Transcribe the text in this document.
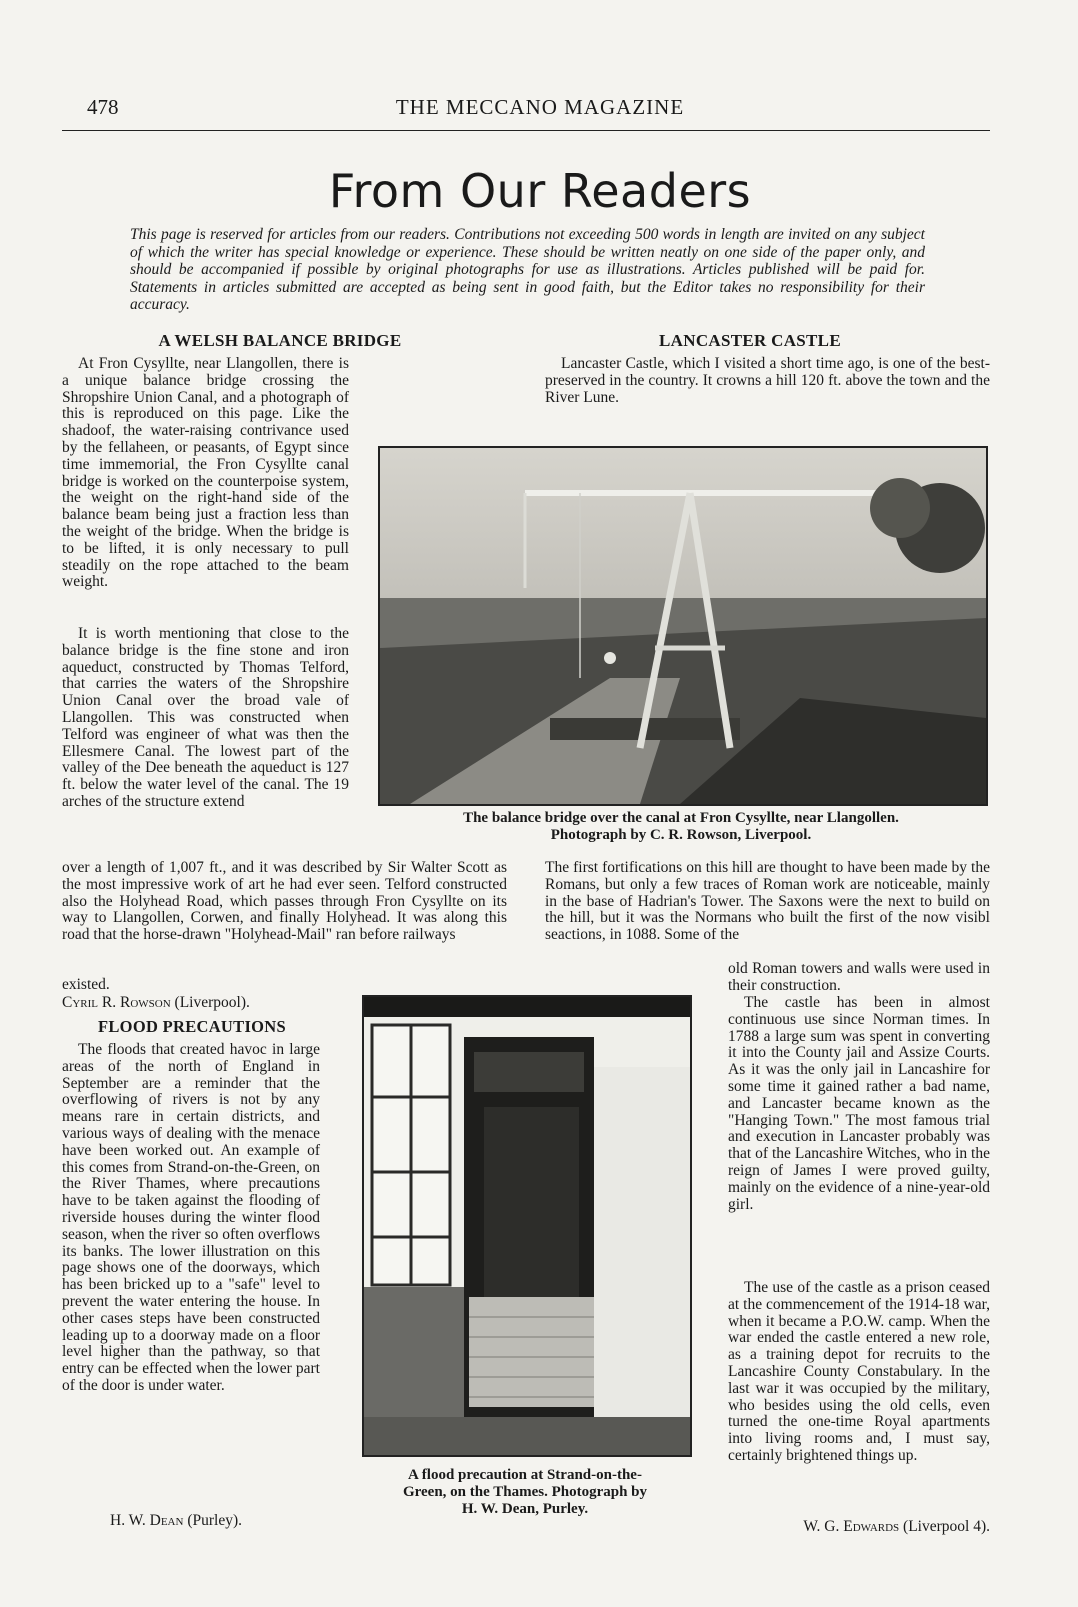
478	THE MECCANO MAGAZINE
From Our Readers
This page is reserved for articles from our readers. Contributions not exceeding 500 words in length are invited on any subject of which the writer has special knowledge or experience. These should be written neatly on one side of the paper only, and should be accompanied if possible by original photographs for use as illustrations. Articles published will be paid for. Statements in articles submitted are accepted as being sent in good faith, but the Editor takes no responsibility for their accuracy.
A WELSH BALANCE BRIDGE

At Fron Cysyllte, near Llangollen, there is a unique balance bridge crossing the Shropshire Union Canal, and a photograph of this is reproduced on this page. Like the shadoof, the water-raising contrivance used by the fellaheen, or peasants, of Egypt since time immemorial, the Fron Cysyllte canal bridge is worked on the counterpoise system, the weight on the right-hand side of the balance beam being just a fraction less than the weight of the bridge. When the bridge is to be lifted, it is only necessary to pull steadily on the rope attached to the beam weight.

LANCASTER CASTLE

Lancaster Castle, which I visited a short time ago, is one of the best-preserved in the country. It crowns a hill 120 ft. above the town and the River Lune.

The balance bridge over the canal at Fron Cysyllte, near Llangollen.
Photograph by C. R. Rowson, Liverpool.

It is worth mentioning that close to the balance bridge is the fine stone and iron aqueduct, constructed by Thomas Telford, that carries the waters of the Shropshire Union Canal over the broad vale of Llangollen. This was constructed when Telford was engineer of what was then the Ellesmere Canal. The lowest part of the valley of the Dee beneath the aqueduct is 127 ft. below the water level of the canal. The 19 arches of the structure extend

over a length of 1,007 ft., and it was described by Sir Walter Scott as the most impressive work of art he had ever seen. Telford constructed also the Holyhead Road, which passes through Fron Cysyllte on its way to Llangollen, Corwen, and finally Holyhead. It was along this road that the horse-drawn "Holyhead-Mail" ran before railways

existed.

Cyril R. Rowson (Liverpool).

The first fortifications on this hill are thought to have been made by the Romans, but only a few traces of Roman work are noticeable, mainly in the base of Hadrian's Tower. The Saxons were the next to build on the hill, but it was the Normans who built the first of the now visibl seactions, in 1088. Some of the

old Roman towers and walls were used in their construction.

FLOOD PRECAUTIONS

The floods that created havoc in large areas of the north of England in September are a reminder that the overflowing of rivers is not by any means rare in certain districts, and various ways of dealing with the menace have been worked out. An example of this comes from Strand-on-the-Green, on the River Thames, where precautions have to be taken against the flooding of riverside houses during the winter flood season, when the river so often overflows its banks. The lower illustration on this page shows one of the doorways, which has been bricked up to a "safe" level to prevent the water entering the house. In other cases steps have been constructed leading up to a doorway made on a floor level higher than the pathway, so that entry can be effected when the lower part of the door is under water.

H. W. Dean (Purley).
A flood precaution at Strand-on-the-
Green, on the Thames. Photograph by
H. W. Dean, Purley.

The castle has been in almost continuous use since Norman times. In 1788 a large sum was spent in converting it into the County jail and Assize Courts. As it was the only jail in Lancashire for some time it gained rather a bad name, and Lancaster became known as the "Hanging Town." The most famous trial and execution in Lancaster probably was that of the Lancashire Witches, who in the reign of James I were proved guilty, mainly on the evidence of a nine-year-old girl.

The use of the castle as a prison ceased at the commencement of the 1914-18 war, when it became a P.O.W. camp. When the war ended the castle entered a new role, as a training depot for recruits to the Lancashire County Constabulary. In the last war it was occupied by the military, who besides using the old cells, even turned the one-time Royal apartments into living rooms and, I must say, certainly brightened things up.

W. G. Edwards (Liverpool 4).
